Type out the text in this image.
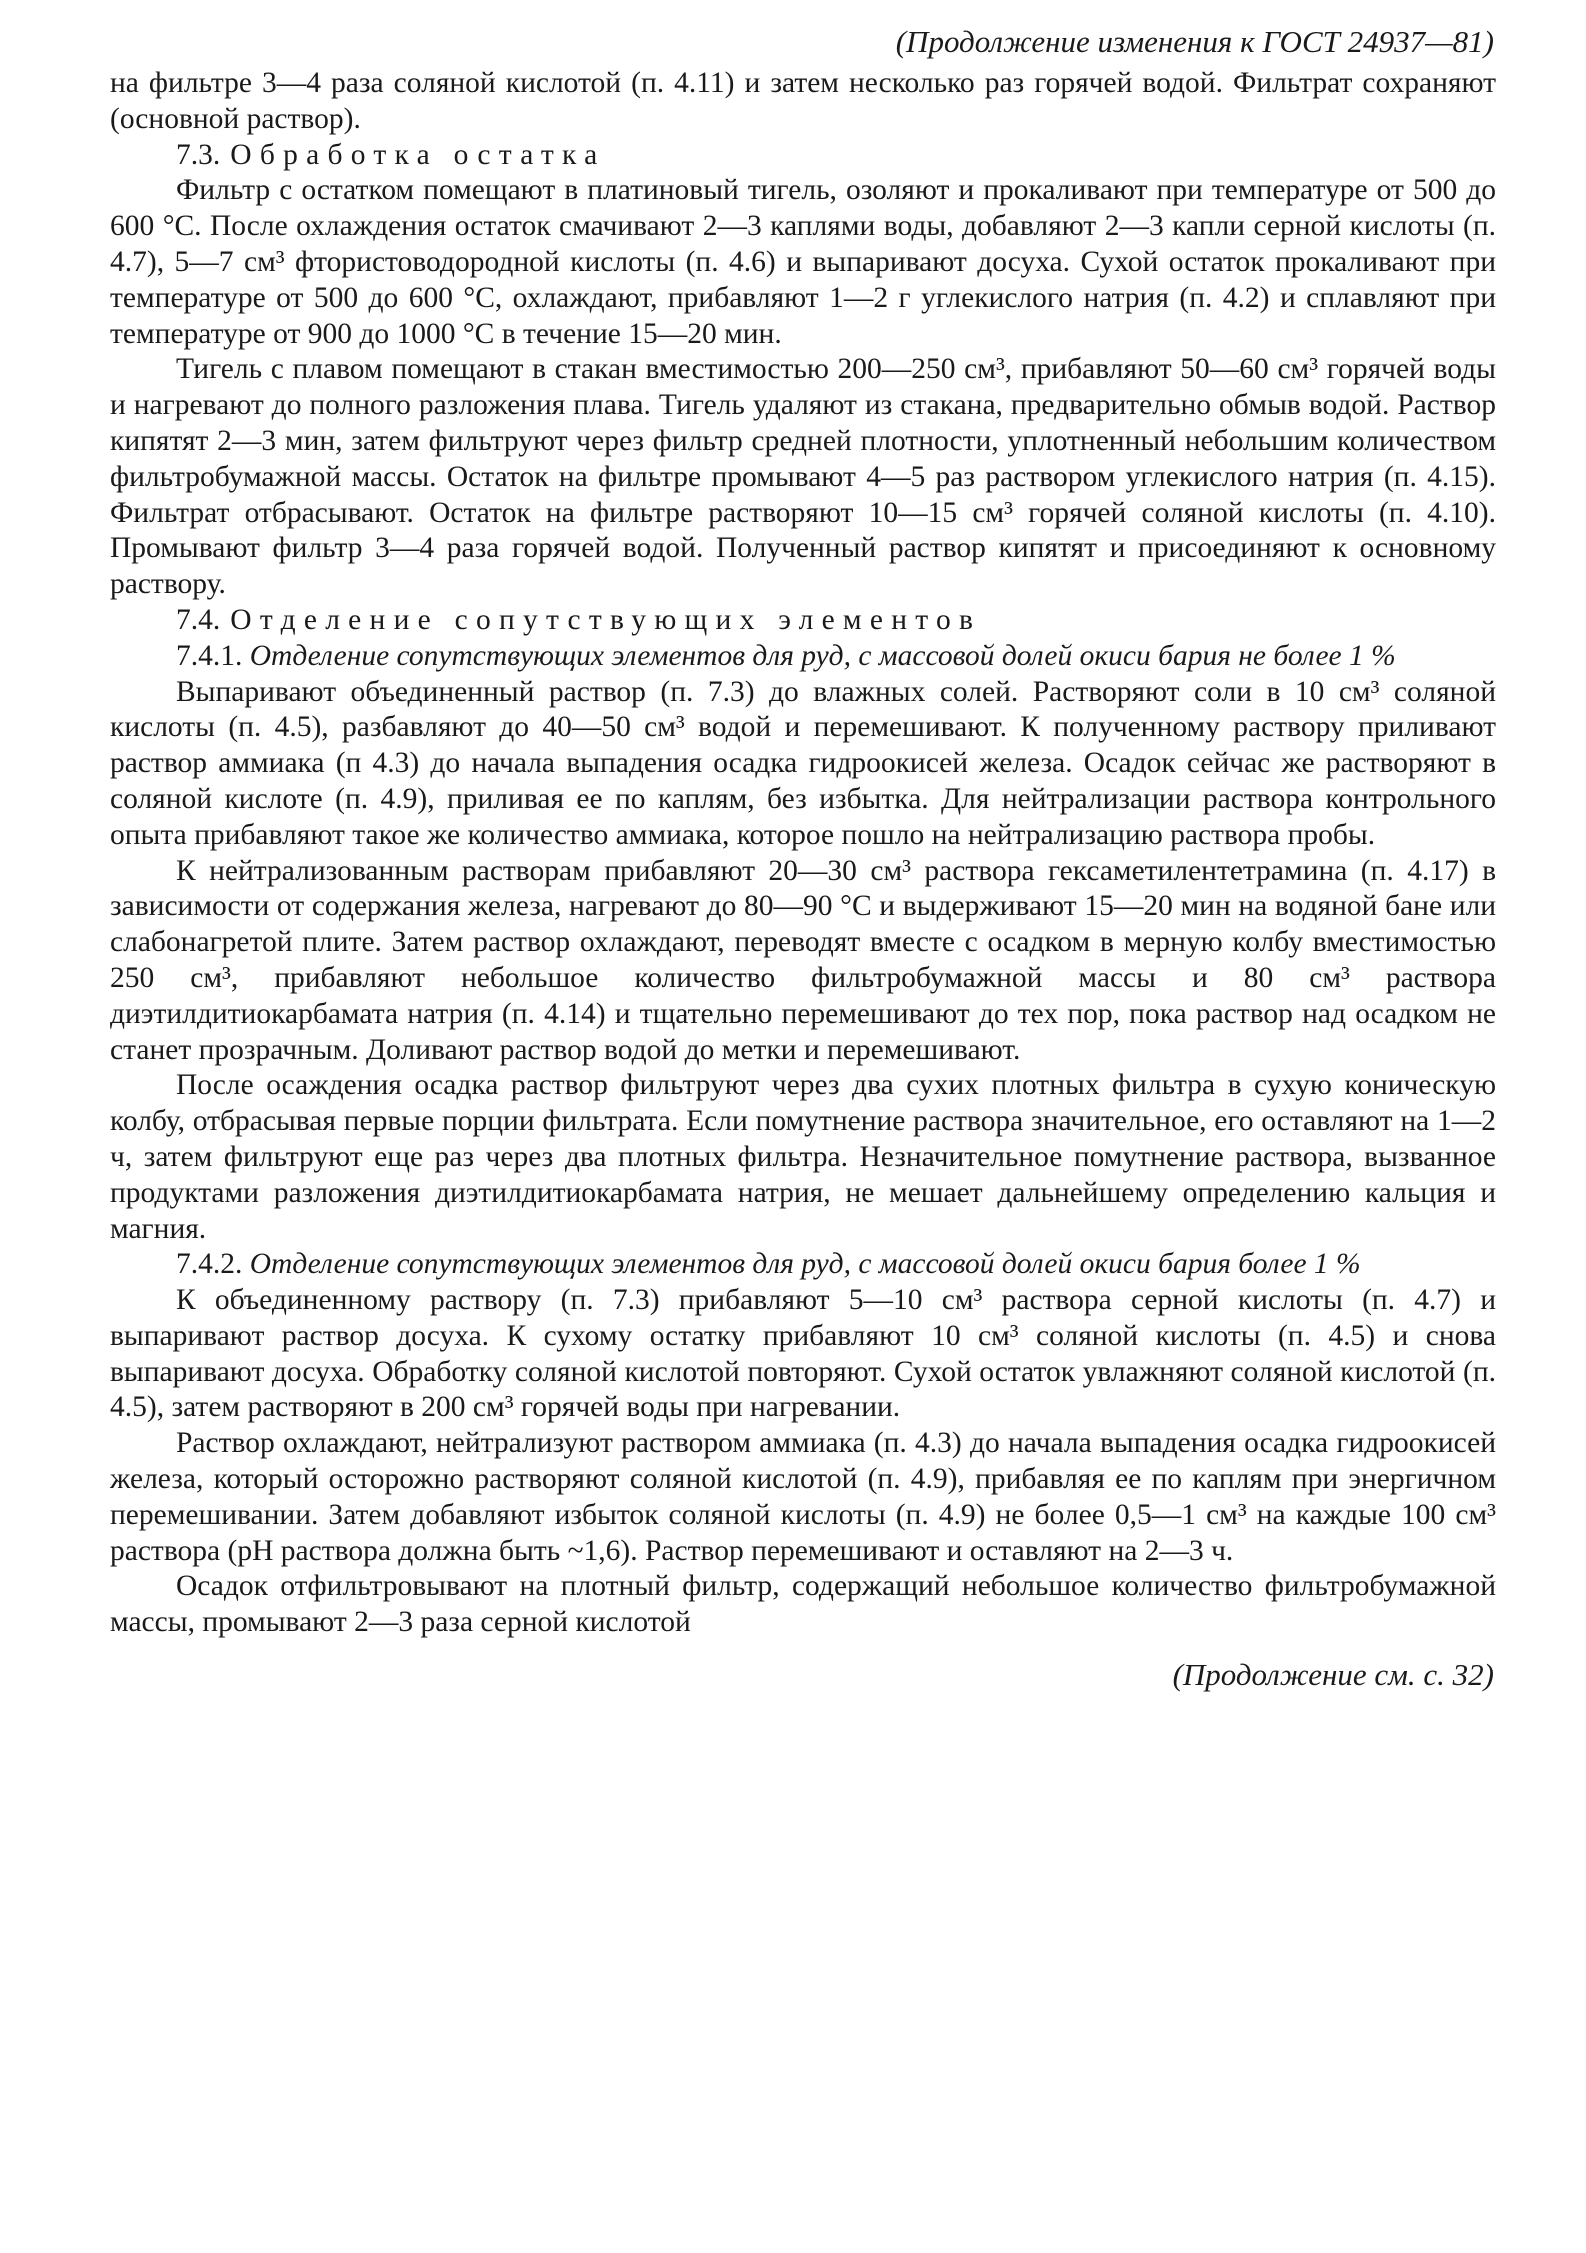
(Продолжение изменения к ГОСТ 24937—81)

на фильтре 3—4 раза соляной кислотой (п. 4.11) и затем несколько раз горячей водой. Фильтрат сохраняют (основной раствор).

7.3. Обработка остатка

Фильтр с остатком помещают в платиновый тигель, озоляют и прокаливают при температуре от 500 до 600 °С. После охлаждения остаток смачивают 2—3 каплями воды, добавляют 2—3 капли серной кислоты (п. 4.7), 5—7 см³ фтористоводородной кислоты (п. 4.6) и выпаривают досуха. Сухой остаток прокаливают при температуре от 500 до 600 °С, охлаждают, прибавляют 1—2 г углекислого натрия (п. 4.2) и сплавляют при температуре от 900 до 1000 °С в течение 15—20 мин.

Тигель с плавом помещают в стакан вместимостью 200—250 см³, прибавляют 50—60 см³ горячей воды и нагревают до полного разложения плава. Тигель удаляют из стакана, предварительно обмыв водой. Раствор кипятят 2—3 мин, затем фильтруют через фильтр средней плотности, уплотненный небольшим количеством фильтробумажной массы. Остаток на фильтре промывают 4—5 раз раствором углекислого натрия (п. 4.15). Фильтрат отбрасывают. Остаток на фильтре растворяют 10—15 см³ горячей соляной кислоты (п. 4.10). Промывают фильтр 3—4 раза горячей водой. Полученный раствор кипятят и присоединяют к основному раствору.

7.4. Отделение сопутствующих элементов
7.4.1. Отделение сопутствующих элементов для руд, с массовой долей окиси бария не более 1 %

Выпаривают объединенный раствор (п. 7.3) до влажных солей. Растворяют соли в 10 см³ соляной кислоты (п. 4.5), разбавляют до 40—50 см³ водой и перемешивают. К полученному раствору приливают раствор аммиака (п 4.3) до начала выпадения осадка гидроокисей железа. Осадок сейчас же растворяют в соляной кислоте (п. 4.9), приливая ее по каплям, без избытка. Для нейтрализации раствора контрольного опыта прибавляют такое же количество аммиака, которое пошло на нейтрализацию раствора пробы.

К нейтрализованным растворам прибавляют 20—30 см³ раствора гексаметилентетрамина (п. 4.17) в зависимости от содержания железа, нагревают до 80—90 °С и выдерживают 15—20 мин на водяной бане или слабонагретой плите. Затем раствор охлаждают, переводят вместе с осадком в мерную колбу вместимостью 250 см³, прибавляют небольшое количество фильтробумажной массы и 80 см³ раствора диэтилдитиокарбамата натрия (п. 4.14) и тщательно перемешивают до тех пор, пока раствор над осадком не станет прозрачным. Доливают раствор водой до метки и перемешивают.

После осаждения осадка раствор фильтруют через два сухих плотных фильтра в сухую коническую колбу, отбрасывая первые порции фильтрата. Если помутнение раствора значительное, его оставляют на 1—2 ч, затем фильтруют еще раз через два плотных фильтра. Незначительное помутнение раствора, вызванное продуктами разложения диэтилдитиокарбамата натрия, не мешает дальнейшему определению кальция и магния.

7.4.2. Отделение сопутствующих элементов для руд, с массовой долей окиси бария более 1 %

К объединенному раствору (п. 7.3) прибавляют 5—10 см³ раствора серной кислоты (п. 4.7) и выпаривают раствор досуха. К сухому остатку прибавляют 10 см³ соляной кислоты (п. 4.5) и снова выпаривают досуха. Обработку соляной кислотой повторяют. Сухой остаток увлажняют соляной кислотой (п. 4.5), затем растворяют в 200 см³ горячей воды при нагревании.

Раствор охлаждают, нейтрализуют раствором аммиака (п. 4.3) до начала выпадения осадка гидроокисей железа, который осторожно растворяют соляной кислотой (п. 4.9), прибавляя ее по каплям при энергичном перемешивании. Затем добавляют избыток соляной кислоты (п. 4.9) не более 0,5—1 см³ на каждые 100 см³ раствора (рН раствора должна быть ~1,6). Раствор перемешивают и оставляют на 2—3 ч.

Осадок отфильтровывают на плотный фильтр, содержащий небольшое количество фильтробумажной массы, промывают 2—3 раза серной кислотой

(Продолжение см. с. 32)
